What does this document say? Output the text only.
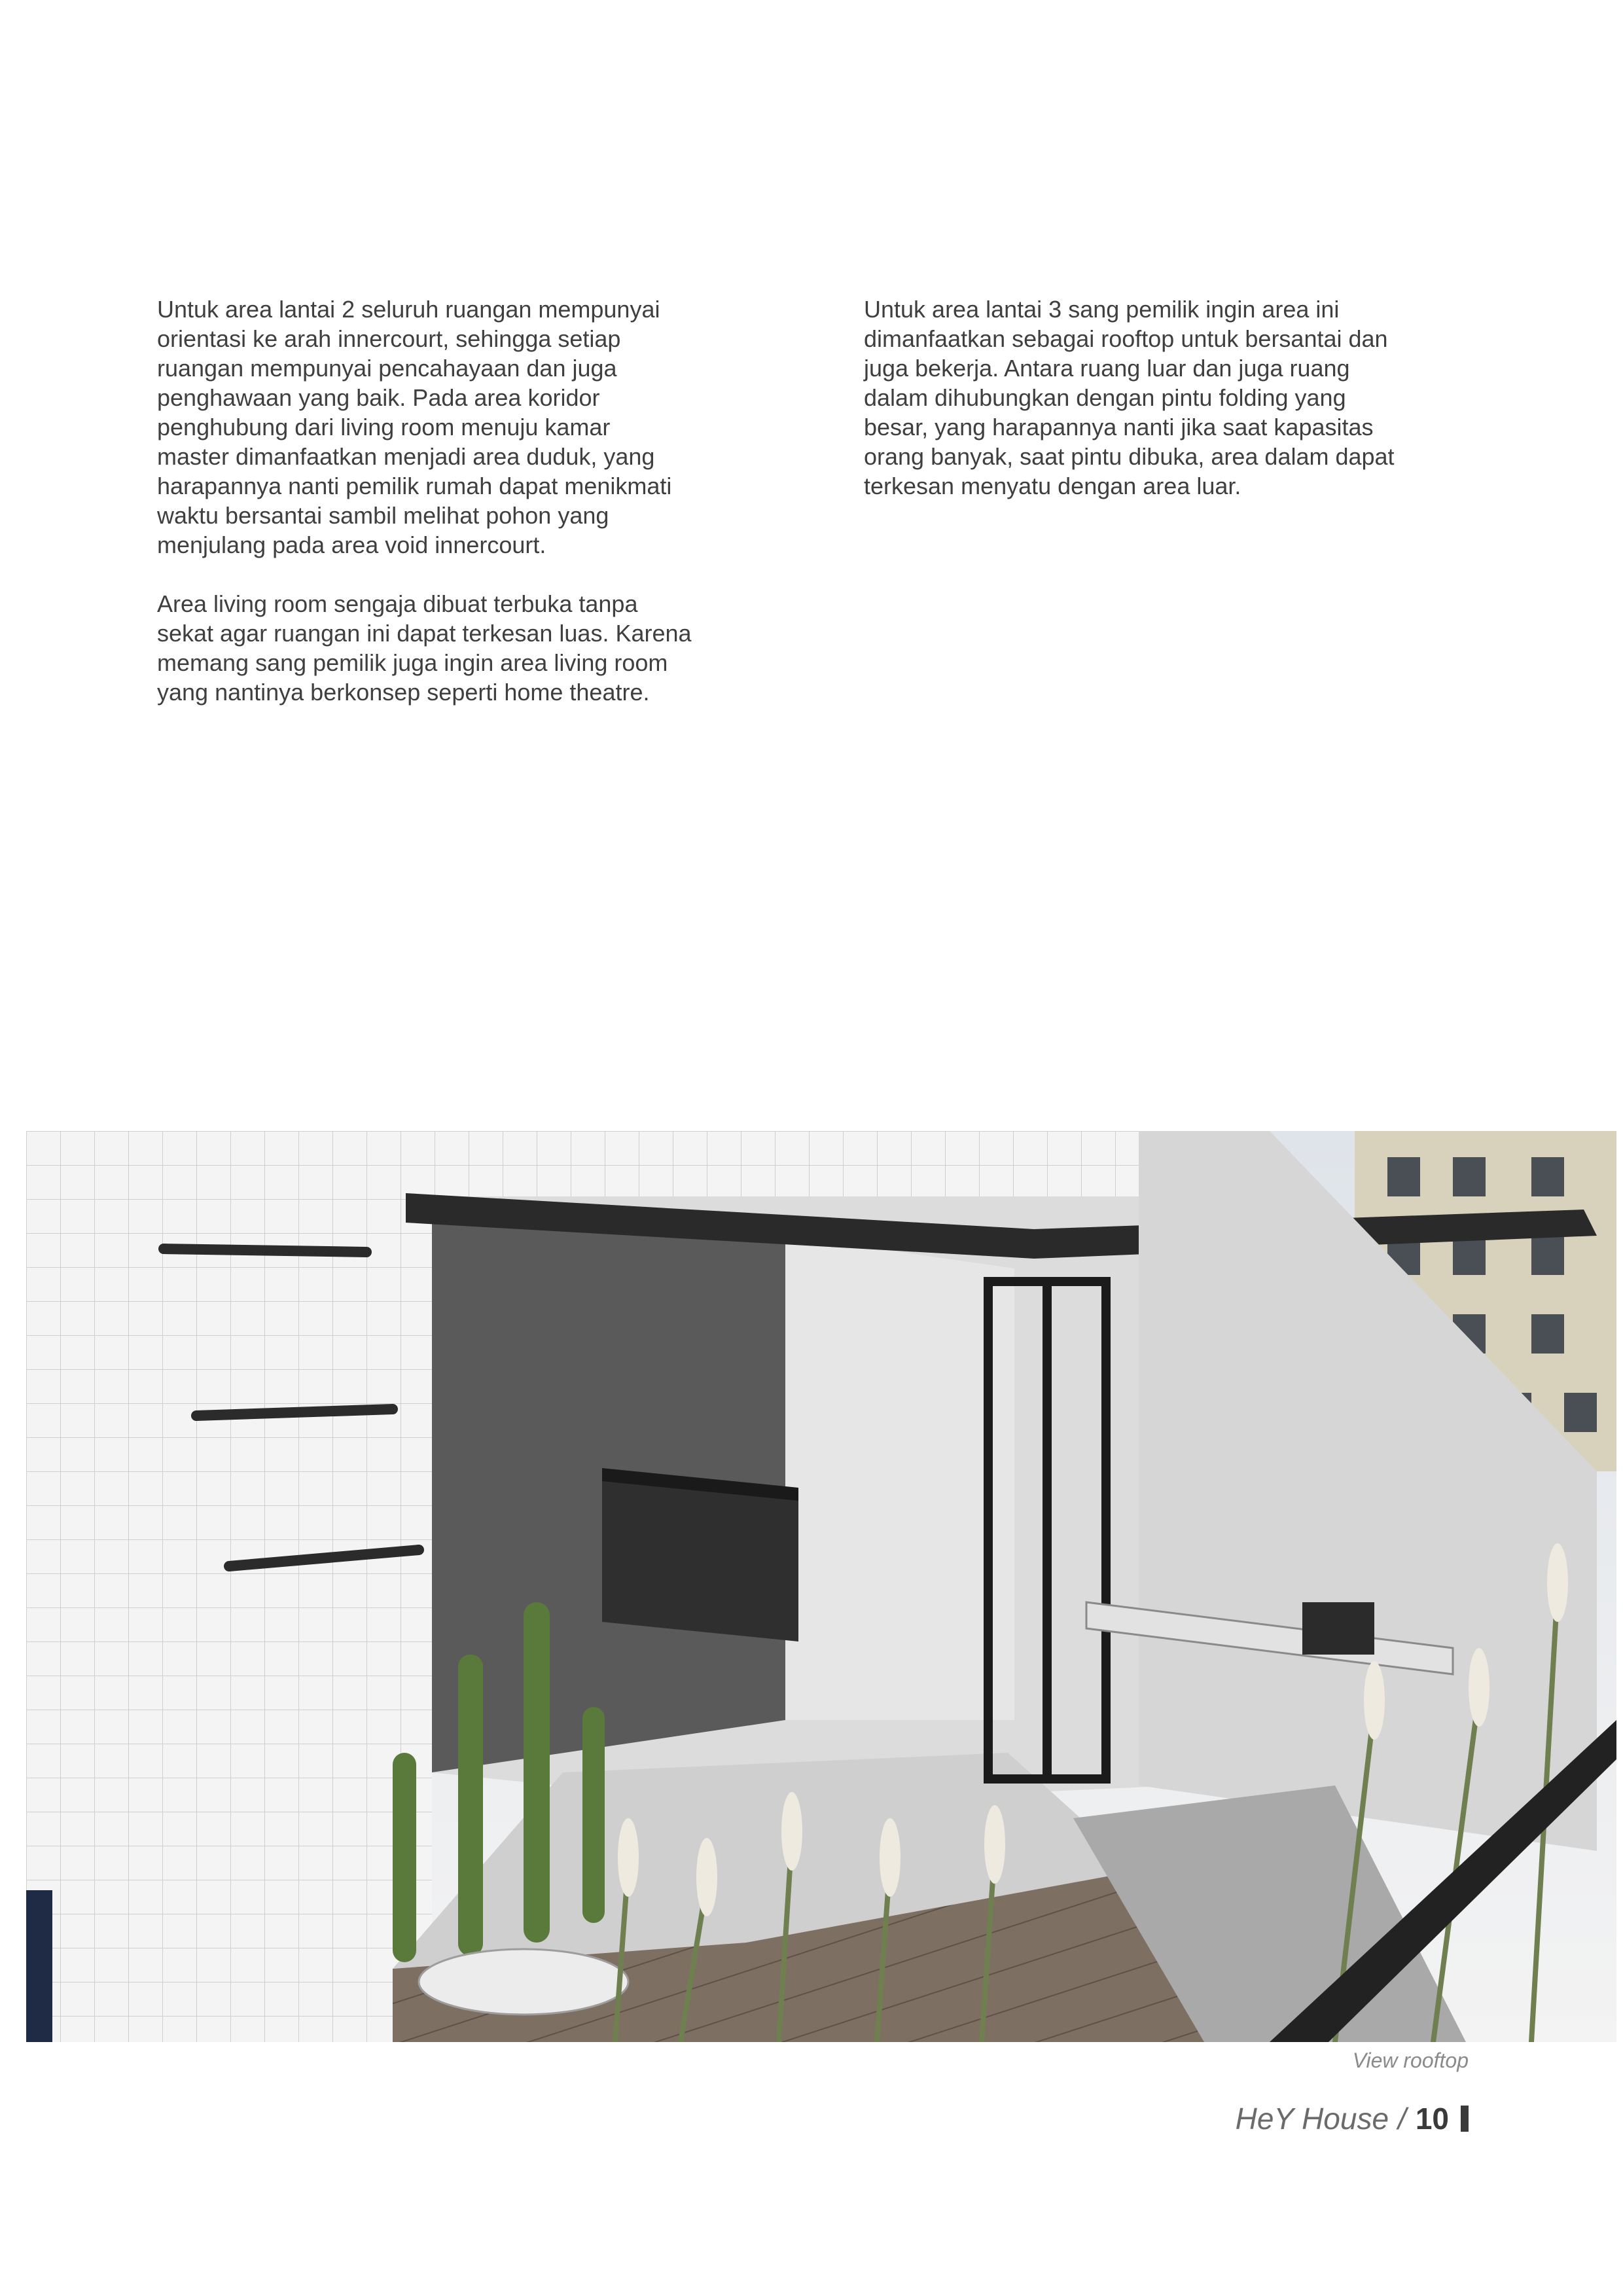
Untuk area lantai 2 seluruh ruangan mempunyai
orientasi ke arah innercourt, sehingga setiap
ruangan mempunyai pencahayaan dan juga
penghawaan yang baik. Pada area koridor
penghubung dari living room menuju kamar
master dimanfaatkan menjadi area duduk, yang
harapannya nanti pemilik rumah dapat menikmati
waktu bersantai sambil melihat pohon yang
menjulang pada area void innercourt.

Area living room sengaja dibuat terbuka tanpa
sekat agar ruangan ini dapat terkesan luas. Karena
memang sang pemilik juga ingin area living room
yang nantinya berkonsep seperti home theatre.

Untuk area lantai 3 sang pemilik ingin area ini
dimanfaatkan sebagai rooftop untuk bersantai dan
juga bekerja. Antara ruang luar dan juga ruang
dalam dihubungkan dengan pintu folding yang
besar, yang harapannya nanti jika saat kapasitas
orang banyak, saat pintu dibuka, area dalam dapat
terkesan menyatu dengan area luar.

View rooftop
HeY House / 10
